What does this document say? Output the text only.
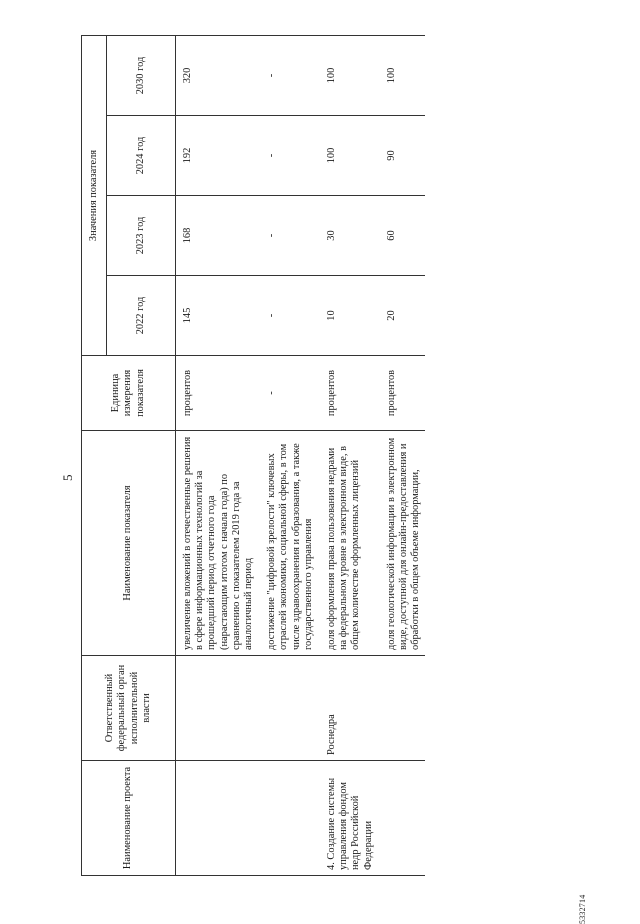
5
Наименование проекта	Ответственный федеральный орган исполнительной власти	Наименование показателя	Единица измерения показателя	Значения показателя			
				2022 год	2023 год	2024 год	2030 год
		увеличение вложений в отечественные решения в сфере информационных технологий за прошедший период отчетного года (нарастающим итогом с начала года) по сравнению с показателем 2019 года за аналогичный период	процентов	145	168	192	320
		достижение "цифровой зрелости" ключевых отраслей экономики, социальной сферы, в том числе здравоохранения и образования, а также государственного управления	-	-	-	-	-
4. Создание системы управления фондом недр Российской Федерации	Роснедра	доля оформления права пользования недрами на федеральном уровне в электронном виде, в общем количестве оформленных лицензий	процентов	10	30	100	100
		доля геологической информации в электронном виде, доступной для онлайн-предоставления и обработки в общем объеме информации,	процентов	20	60	90	100
5332714
